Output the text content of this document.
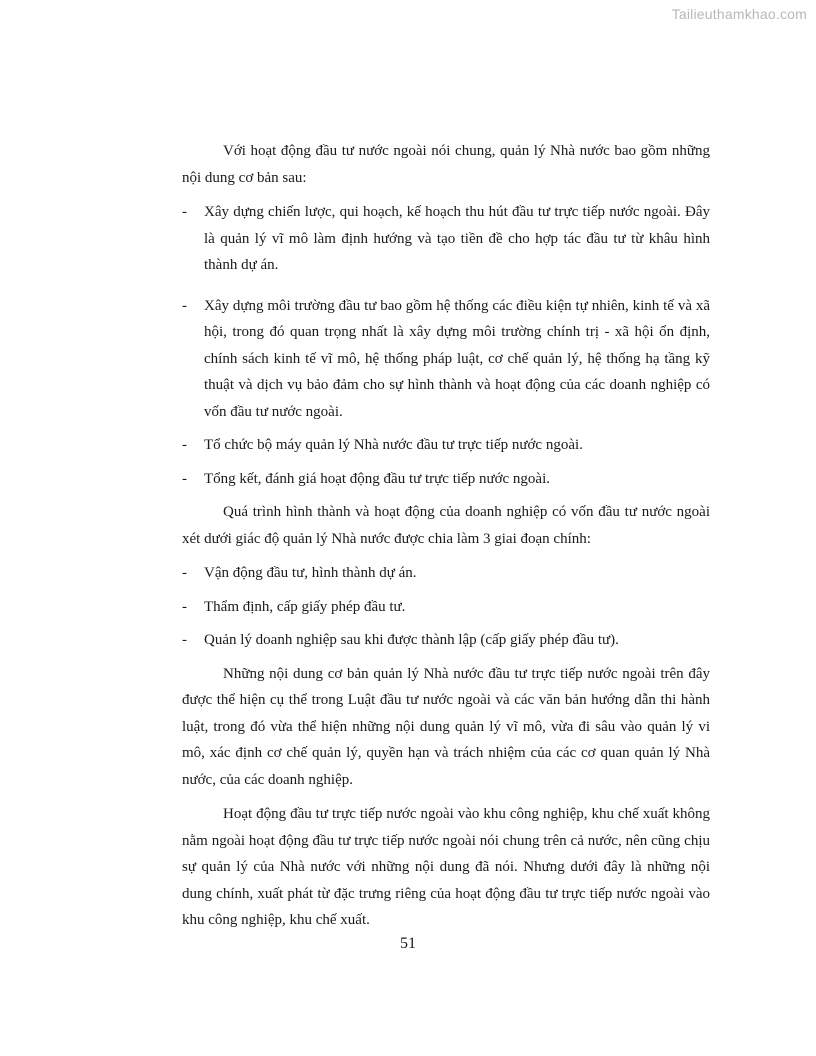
Tailieuthamkhao.com

Với hoạt động đầu tư nước ngoài nói chung, quản lý Nhà nước bao gồm những nội dung cơ bản sau:

-	Xây dựng chiến lược, qui hoạch, kế hoạch thu hút đầu tư trực tiếp nước ngoài. Đây là quản lý vĩ mô làm định hướng và tạo tiền đề cho hợp tác đầu tư từ khâu hình thành dự án.
-	Xây dựng môi trường đầu tư bao gồm hệ thống các điều kiện tự nhiên, kinh tế và xã hội, trong đó quan trọng nhất là xây dựng môi trường chính trị - xã hội ổn định, chính sách kinh tế vĩ mô, hệ thống pháp luật, cơ chế quản lý, hệ thống hạ tầng kỹ thuật và dịch vụ bảo đảm cho sự hình thành và hoạt động của các doanh nghiệp có vốn đầu tư nước ngoài.
-	Tổ chức bộ máy quản lý Nhà nước đầu tư trực tiếp nước ngoài.
-	Tổng kết, đánh giá hoạt động đầu tư trực tiếp nước ngoài.

Quá trình hình thành và hoạt động của doanh nghiệp có vốn đầu tư nước ngoài xét dưới giác độ quản lý Nhà nước được chia làm 3 giai đoạn chính:

-	Vận động đầu tư, hình thành dự án.
-	Thẩm định, cấp giấy phép đầu tư.
-	Quản lý doanh nghiệp sau khi được thành lập (cấp giấy phép đầu tư).

Những nội dung cơ bản quản lý Nhà nước đầu tư trực tiếp nước ngoài trên đây được thể hiện cụ thể trong Luật đầu tư nước ngoài và các văn bản hướng dẫn thi hành luật, trong đó vừa thể hiện những nội dung quản lý vĩ mô, vừa đi sâu vào quản lý vi mô, xác định cơ chế quản lý, quyền hạn và trách nhiệm của các cơ quan quản lý Nhà nước, của các doanh nghiệp.

Hoạt động đầu tư trực tiếp nước ngoài vào khu công nghiệp, khu chế xuất không nằm ngoài hoạt động đầu tư trực tiếp nước ngoài nói chung trên cả nước, nên cũng chịu sự quản lý của Nhà nước với những nội dung đã nói. Nhưng dưới đây là những nội dung chính, xuất phát từ đặc trưng riêng của hoạt động đầu tư trực tiếp nước ngoài vào khu công nghiệp, khu chế xuất.

51
